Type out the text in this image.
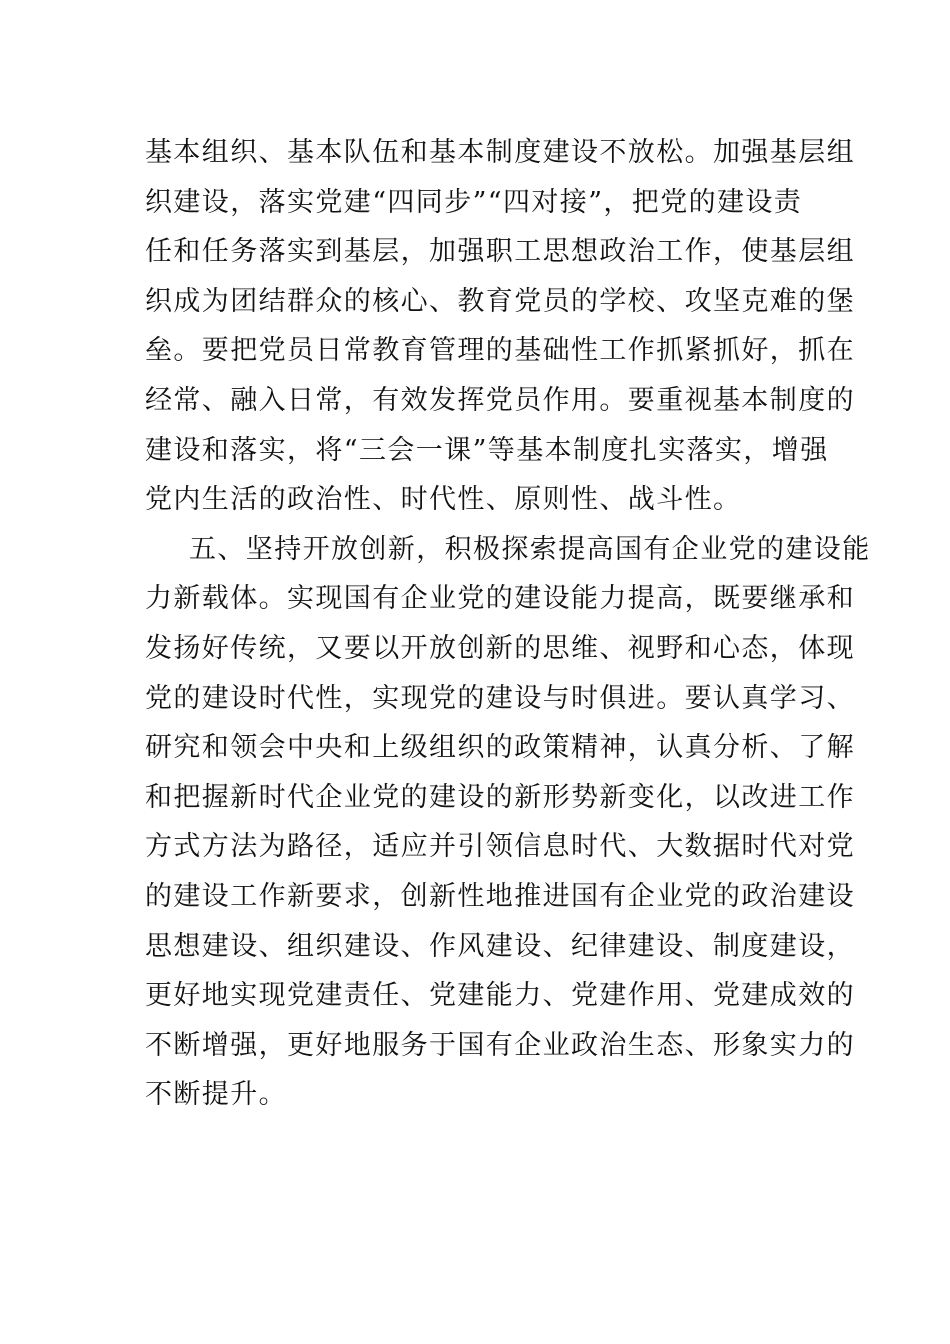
基本组织、基本队伍和基本制度建设不放松。加强基层组
织建设，落实党建“四同步”“四对接”，把党的建设责
任和任务落实到基层，加强职工思想政治工作，使基层组
织成为团结群众的核心、教育党员的学校、攻坚克难的堡
垒。要把党员日常教育管理的基础性工作抓紧抓好，抓在
经常、融入日常，有效发挥党员作用。要重视基本制度的
建设和落实，将“三会一课”等基本制度扎实落实，增强
党内生活的政治性、时代性、原则性、战斗性。

五、坚持开放创新，积极探索提高国有企业党的建设能
力新载体。实现国有企业党的建设能力提高，既要继承和
发扬好传统，又要以开放创新的思维、视野和心态，体现
党的建设时代性，实现党的建设与时俱进。要认真学习、
研究和领会中央和上级组织的政策精神，认真分析、了解
和把握新时代企业党的建设的新形势新变化，以改进工作
方式方法为路径，适应并引领信息时代、大数据时代对党
的建设工作新要求，创新性地推进国有企业党的政治建设
思想建设、组织建设、作风建设、纪律建设、制度建设，
更好地实现党建责任、党建能力、党建作用、党建成效的
不断增强，更好地服务于国有企业政治生态、形象实力的
不断提升。
